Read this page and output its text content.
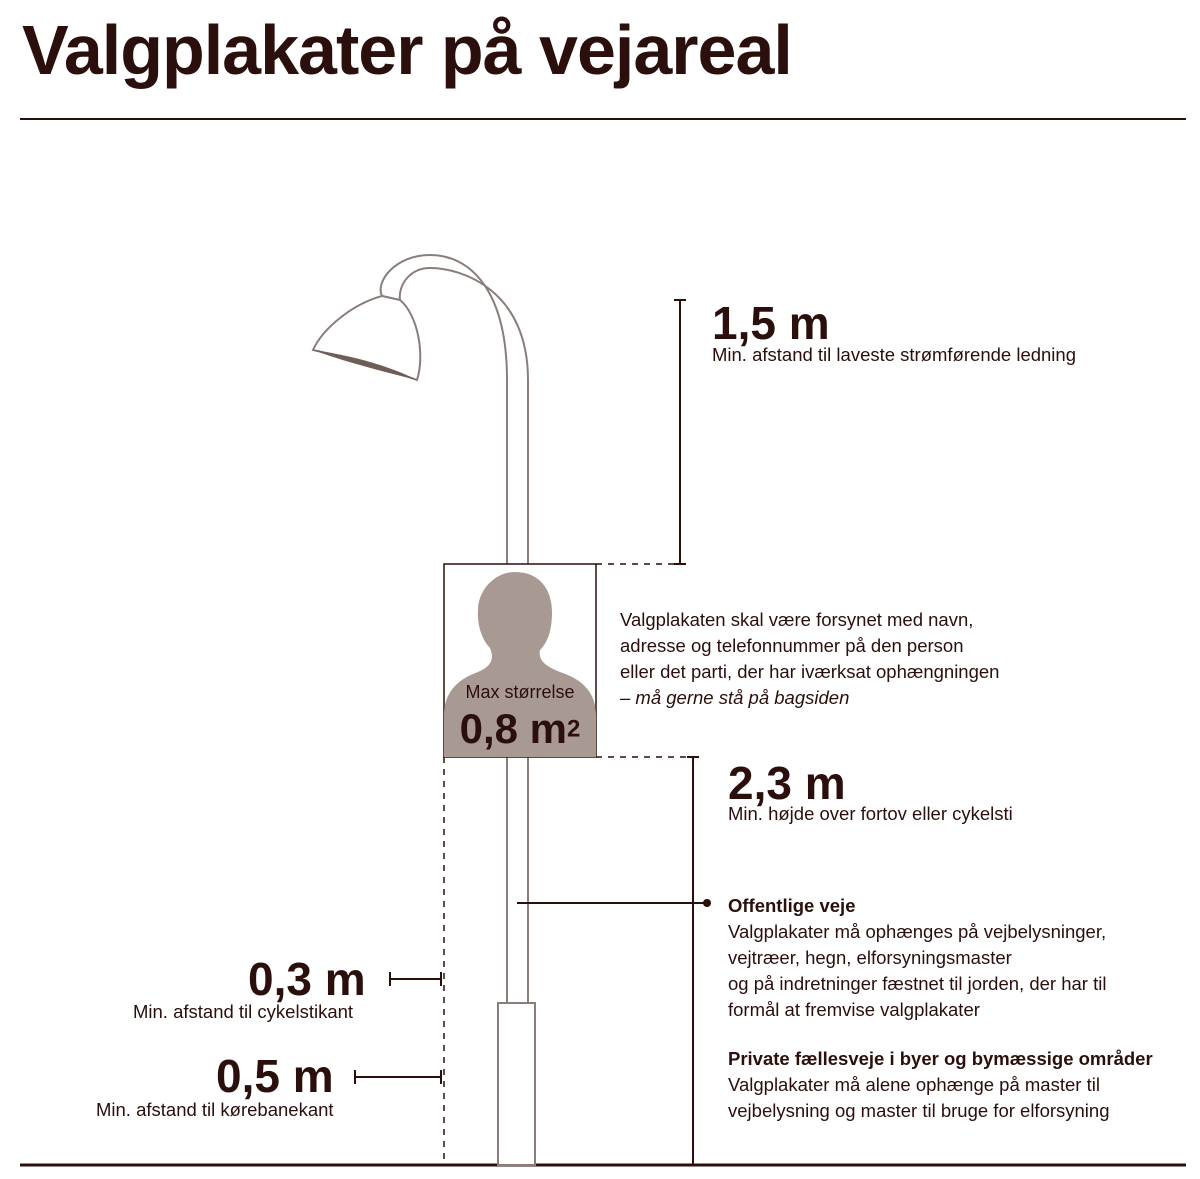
Valgplakater på vejareal
1,5 m
Min. afstand til laveste strømførende ledning
Max størrelse
0,8 $m^2$
Valgplakaten skal være forsynet med navn,
adresse og telefonnummer på den person
eller det parti, der har iværksat ophængningen
– må gerne stå på bagsiden
2,3 m
Min. højde over fortov eller cykelsti
Offentlige veje
Valgplakater må ophænges på vejbelysninger,
vejtræer, hegn, elforsyningsmaster
og på indretninger fæstnet til jorden, der har til
formål at fremvise valgplakater
Private fællesveje i byer og bymæssige områder
Valgplakater må alene ophænge på master til
vejbelysning og master til bruge for elforsyning
0,3 m
Min. afstand til cykelstikant
0,5 m
Min. afstand til kørebanekant
